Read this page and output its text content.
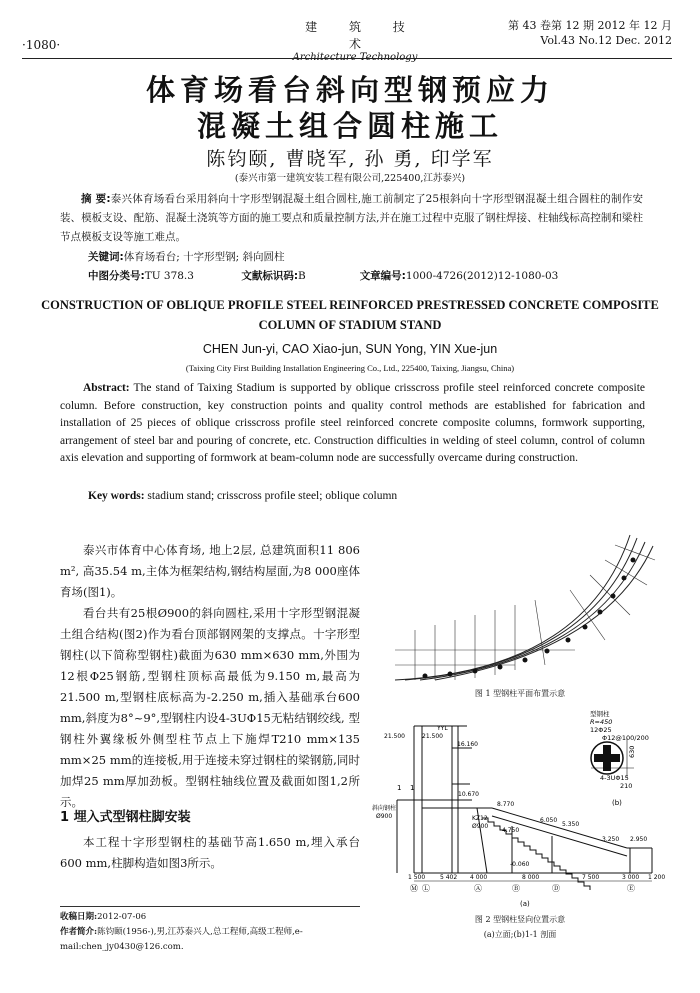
·1080·
建 筑 技 术
Architecture Technology
第 43 卷第 12 期 2012 年 12 月
Vol.43 No.12 Dec. 2012
体育场看台斜向型钢预应力
混凝土组合圆柱施工
陈钧颐, 曹晓军, 孙 勇, 印学军
(泰兴市第一建筑安装工程有限公司,225400,江苏泰兴)
摘 要:泰兴体育场看台采用斜向十字形型钢混凝土组合圆柱,施工前制定了25根斜向十字形型钢混凝土组合圆柱的制作安装、模板支设、配筋、混凝土浇筑等方面的施工要点和质量控制方法,并在施工过程中克服了钢柱焊接、柱轴线标高控制和梁柱节点模板支设等施工难点。
关键词:体育场看台; 十字形型钢; 斜向圆柱
中图分类号:TU 378.3	文献标识码:B	文章编号:1000-4726(2012)12-1080-03
CONSTRUCTION OF OBLIQUE PROFILE STEEL REINFORCED PRESTRESSED CONCRETE COMPOSITE COLUMN OF STADIUM STAND
CHEN Jun-yi, CAO Xiao-jun, SUN Yong, YIN Xue-jun
(Taixing City First Building Installation Engineering Co., Ltd., 225400, Taixing, Jiangsu, China)
Abstract: The stand of Taixing Stadium is supported by oblique crisscross profile steel reinforced concrete composite column. Before construction, key construction points and quality control methods are established for fabrication and installation of 25 pieces of oblique crisscross profile steel reinforced concrete composite columns, formwork supporting, arrangement of steel bar and pouring of concrete, etc. Construction difficulties in welding of steel column, control of column axis elevation and supporting of formwork at beam-column node are successfully overcame during construction.
Key words: stadium stand; crisscross profile steel; oblique column

泰兴市体育中心体育场, 地上2层, 总建筑面积11 806 m², 高35.54 m,主体为框架结构,钢结构屋面,为8 000座体育场(图1)。

看台共有25根Ø900的斜向圆柱,采用十字形型钢混凝土组合结构(图2)作为看台顶部钢网架的支撑点。十字形型钢柱(以下简称型钢柱)截面为630 mm×630 mm,外围为12根Φ25钢筋,型钢柱顶标高最低为9.150 m,最高为21.500 m,型钢柱底标高为-2.250 m,插入基础承台600 mm,斜度为8°~9°,型钢柱内设4-3UΦ15无粘结钢绞线, 型钢柱外翼缘板外侧型柱节点上下施焊T210 mm×135 mm×25 mm的连接板,用于连接未穿过钢柱的梁钢筋,同时加焊25 mm厚加劲板。型钢柱轴线位置及截面如图1,2所示。

1 埋入式型钢柱脚安装

本工程十字形型钢柱的基础节高1.650 m,埋入承台600 mm,柱脚构造如图3所示。

收稿日期:2012-07-06
作者简介:陈钧颐(1956-),男,江苏泰兴人,总工程师,高级工程师,e-mail:chen_jy0430@126.com.
图 1 型钢柱平面布置示意
型钢柱
R=450
12Φ25
Φ12@100/200
630
4-3UΦ15
210
(b)
21.500	21.500
YYL
16.160
1 1
10.670
斜向钢柱
Ø900	KZ12
Ø900
8.770
6.050
5.350
4.750
3.250 2.950
-0.060
1 500 5 402 4 000	8 000	7 500	3 000 1 200
Ⓜ Ⓛ	Ⓐ	Ⓑ	Ⓓ	Ⓔ
(a)
图 2 型钢柱竖向位置示意
(a)立面;(b)1-1 剖面
